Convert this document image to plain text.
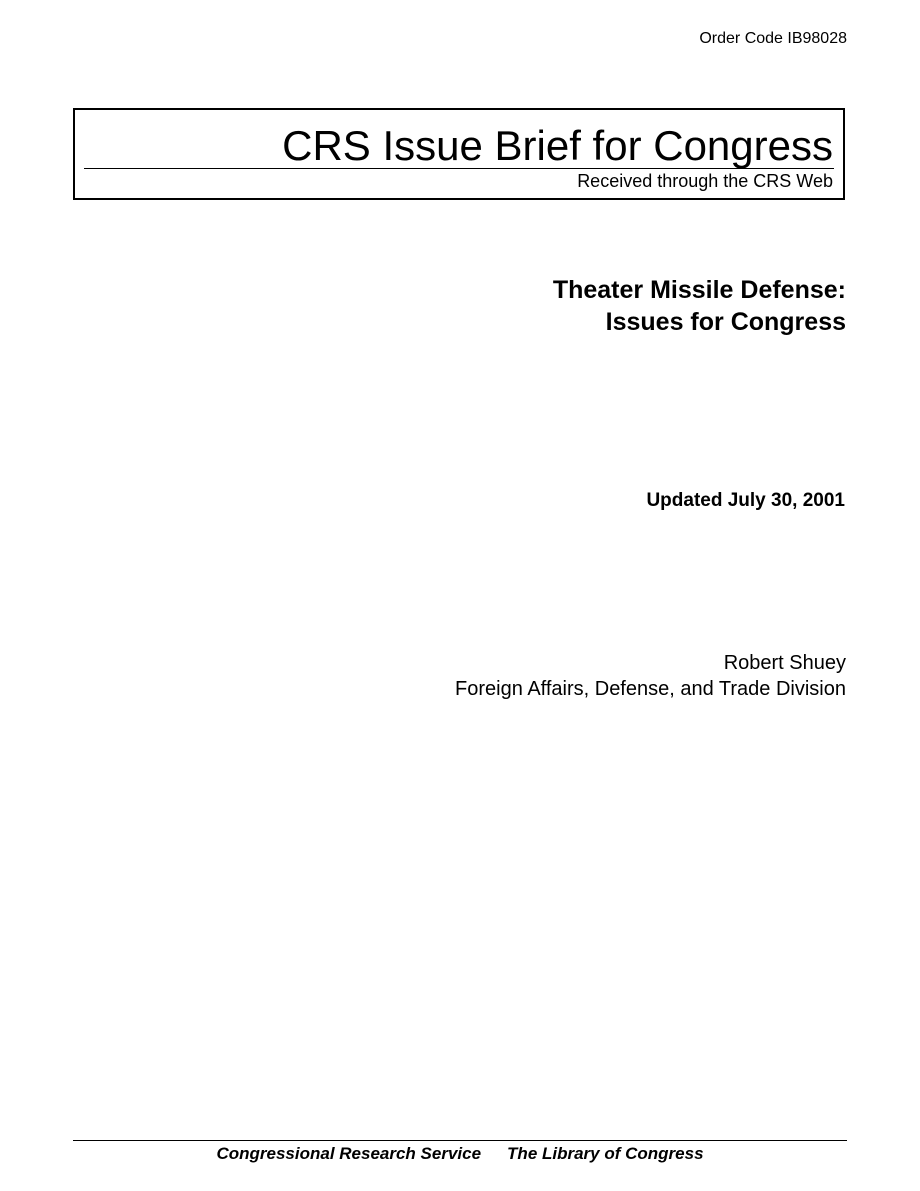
Order Code IB98028
CRS Issue Brief for Congress
Received through the CRS Web
Theater Missile Defense:
Issues for Congress
Updated July 30, 2001
Robert Shuey
Foreign Affairs, Defense, and Trade Division
Congressional Research Service The Library of Congress
